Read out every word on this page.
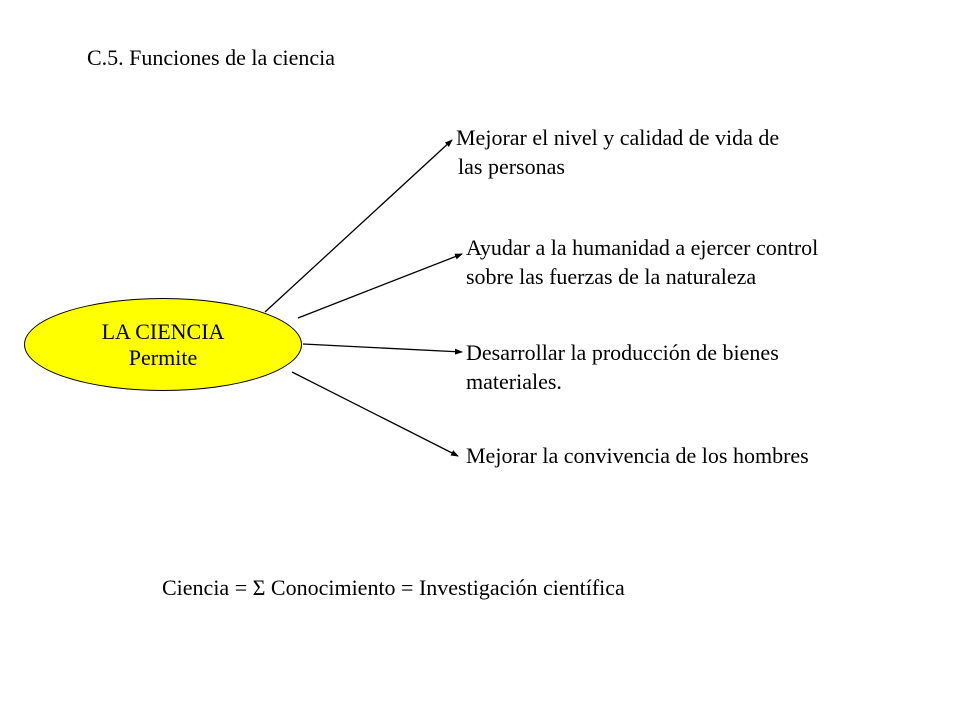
C.5. Funciones de la ciencia
LA CIENCIA
Permite
Mejorar el nivel y calidad de vida de
las personas
Ayudar a la humanidad a ejercer control
sobre las fuerzas de la naturaleza
Desarrollar la producción de bienes
materiales.
Mejorar la convivencia de los hombres
Ciencia = Σ Conocimiento = Investigación científica
